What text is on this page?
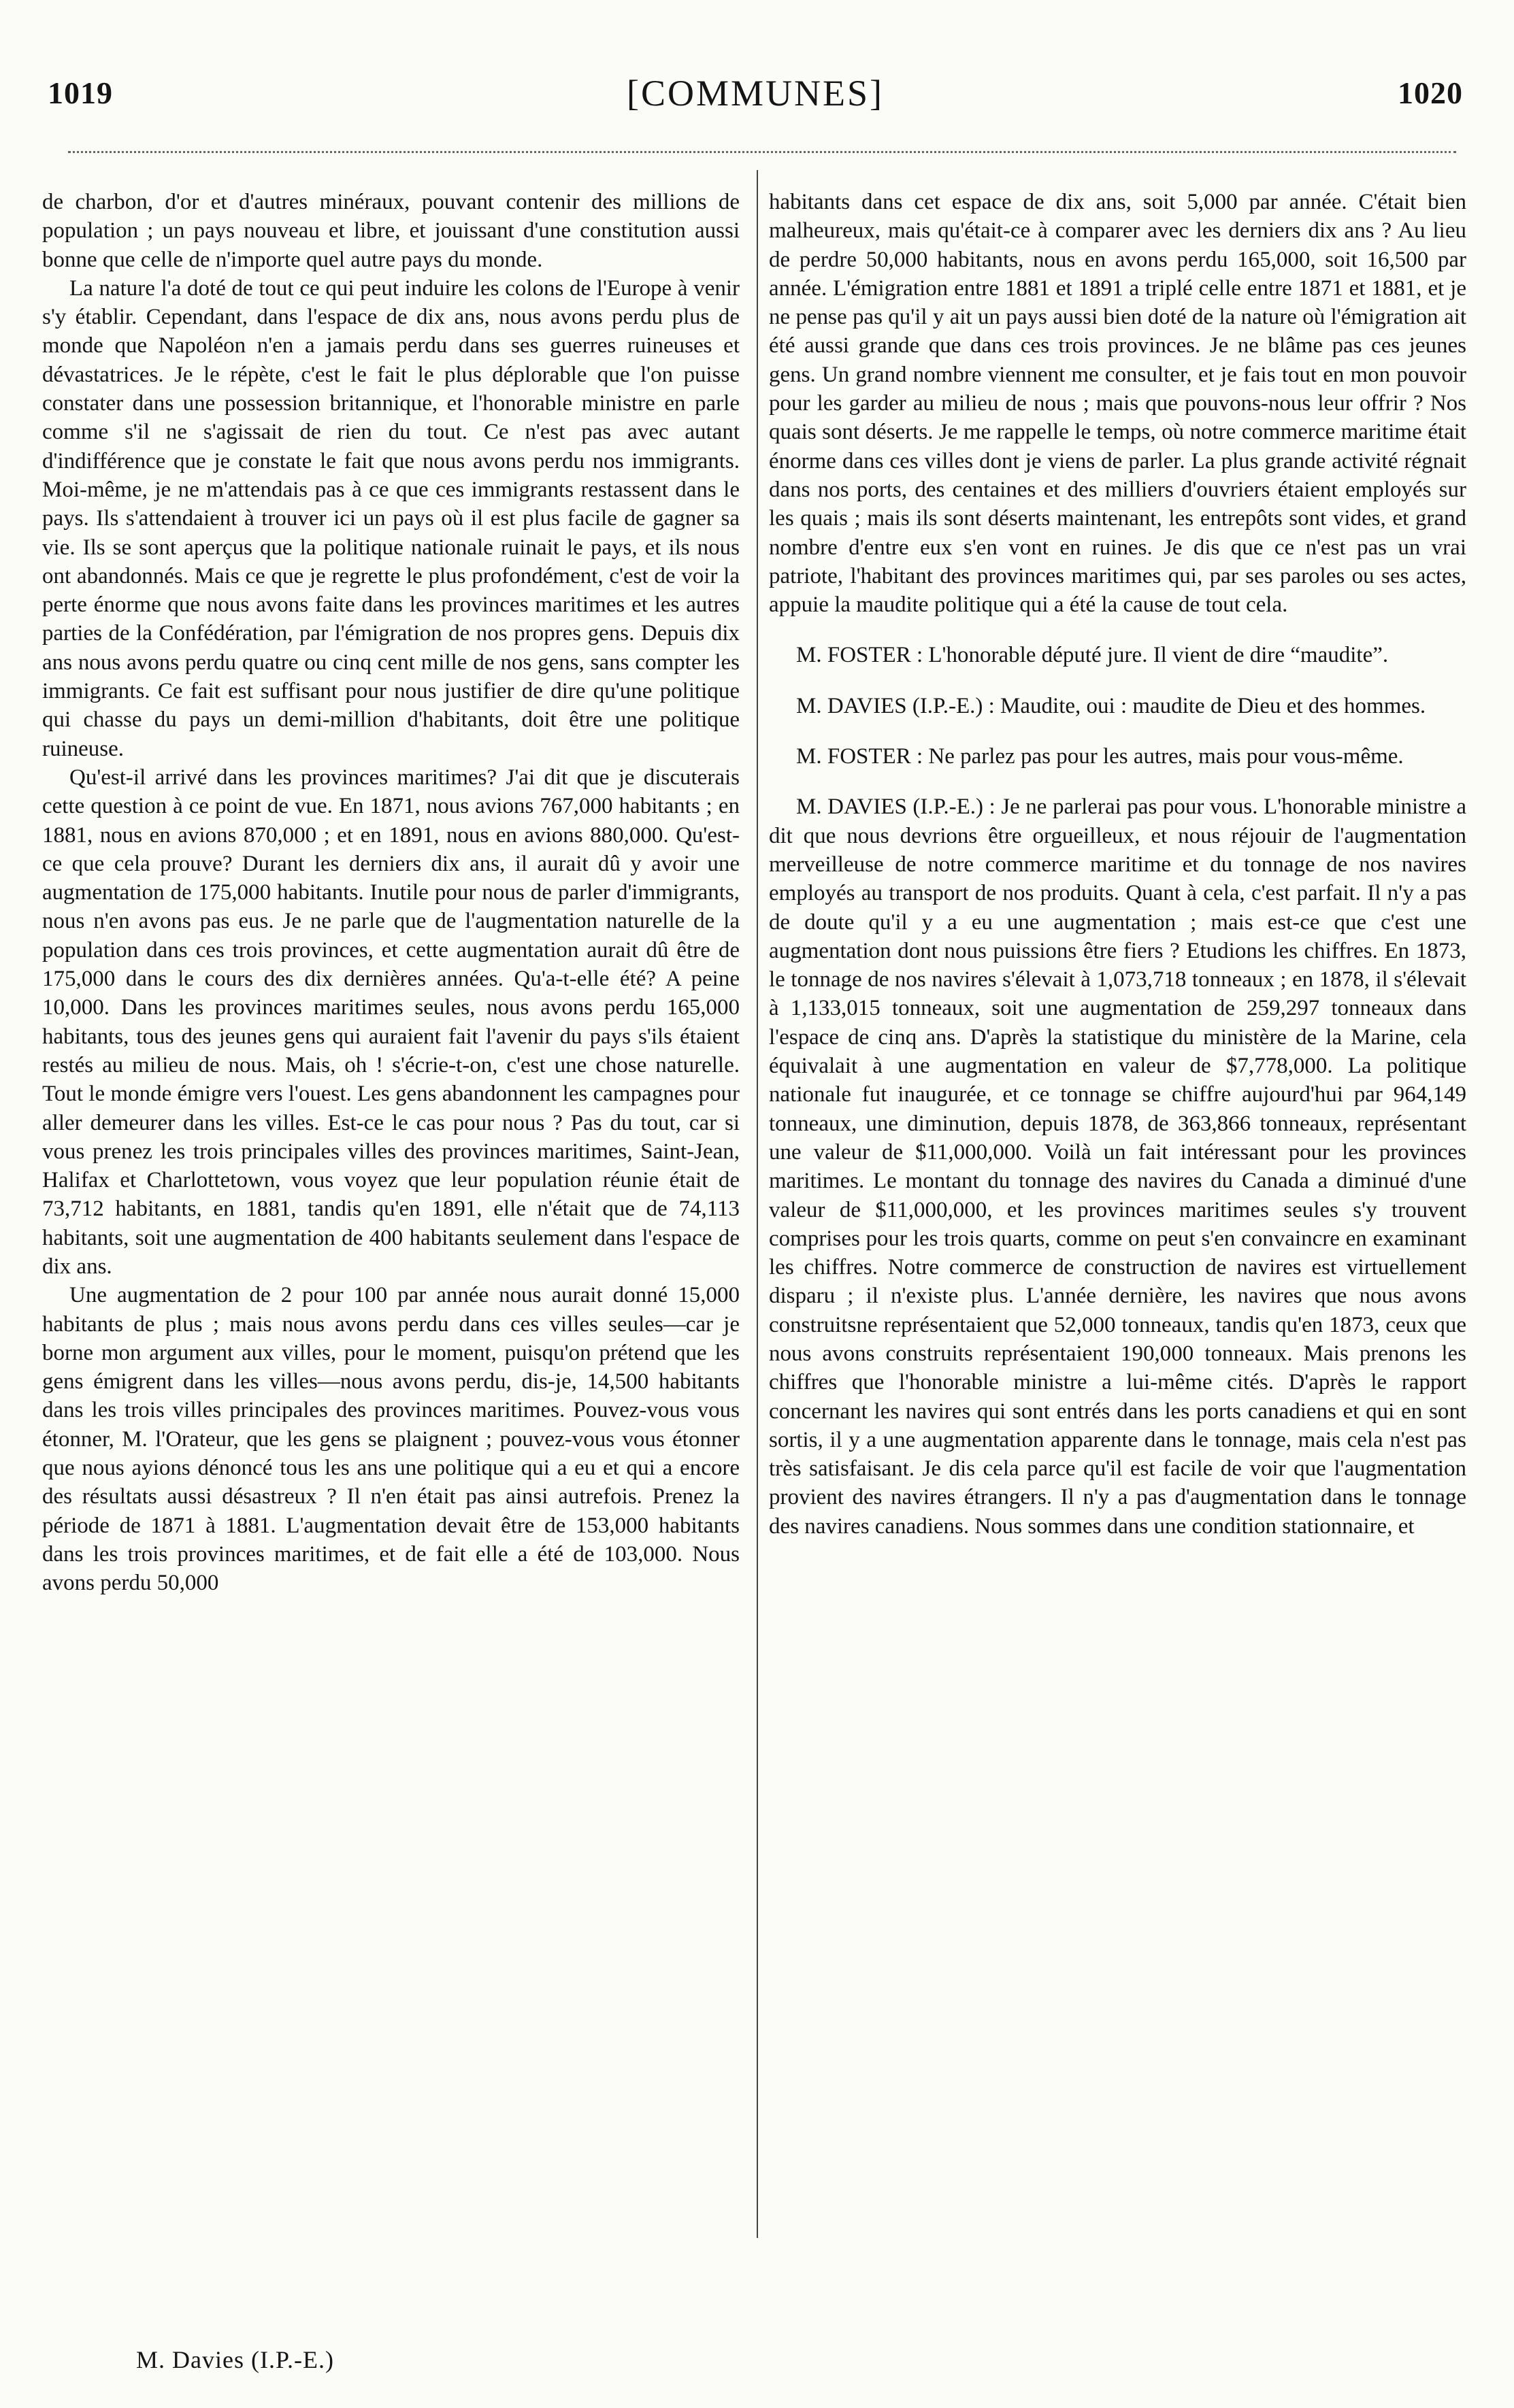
1019	[COMMUNES]	1020

de charbon, d'or et d'autres minéraux, pouvant contenir des millions de population ; un pays nouveau et libre, et jouissant d'une constitution aussi bonne que celle de n'importe quel autre pays du monde.

La nature l'a doté de tout ce qui peut induire les colons de l'Europe à venir s'y établir. Cependant, dans l'espace de dix ans, nous avons perdu plus de monde que Napoléon n'en a jamais perdu dans ses guerres ruineuses et dévastatrices. Je le répète, c'est le fait le plus déplorable que l'on puisse constater dans une possession britannique, et l'honorable ministre en parle comme s'il ne s'agissait de rien du tout. Ce n'est pas avec autant d'indifférence que je constate le fait que nous avons perdu nos immigrants. Moi-même, je ne m'attendais pas à ce que ces immigrants restassent dans le pays. Ils s'attendaient à trouver ici un pays où il est plus facile de gagner sa vie. Ils se sont aperçus que la politique nationale ruinait le pays, et ils nous ont abandonnés. Mais ce que je regrette le plus profondément, c'est de voir la perte énorme que nous avons faite dans les provinces maritimes et les autres parties de la Confédération, par l'émigration de nos propres gens. Depuis dix ans nous avons perdu quatre ou cinq cent mille de nos gens, sans compter les immigrants. Ce fait est suffisant pour nous justifier de dire qu'une politique qui chasse du pays un demi-million d'habitants, doit être une politique ruineuse.

Qu'est-il arrivé dans les provinces maritimes? J'ai dit que je discuterais cette question à ce point de vue. En 1871, nous avions 767,000 habitants ; en 1881, nous en avions 870,000 ; et en 1891, nous en avions 880,000. Qu'est-ce que cela prouve? Durant les derniers dix ans, il aurait dû y avoir une augmentation de 175,000 habitants. Inutile pour nous de parler d'immigrants, nous n'en avons pas eus. Je ne parle que de l'augmentation naturelle de la population dans ces trois provinces, et cette augmentation aurait dû être de 175,000 dans le cours des dix dernières années. Qu'a-t-elle été? A peine 10,000. Dans les provinces maritimes seules, nous avons perdu 165,000 habitants, tous des jeunes gens qui auraient fait l'avenir du pays s'ils étaient restés au milieu de nous. Mais, oh ! s'écrie-t-on, c'est une chose naturelle. Tout le monde émigre vers l'ouest. Les gens abandonnent les campagnes pour aller demeurer dans les villes. Est-ce le cas pour nous ? Pas du tout, car si vous prenez les trois principales villes des provinces maritimes, Saint-Jean, Halifax et Charlottetown, vous voyez que leur population réunie était de 73,712 habitants, en 1881, tandis qu'en 1891, elle n'était que de 74,113 habitants, soit une augmentation de 400 habitants seulement dans l'espace de dix ans.

Une augmentation de 2 pour 100 par année nous aurait donné 15,000 habitants de plus ; mais nous avons perdu dans ces villes seules—car je borne mon argument aux villes, pour le moment, puisqu'on prétend que les gens émigrent dans les villes—nous avons perdu, dis-je, 14,500 habitants dans les trois villes principales des provinces maritimes. Pouvez-vous vous étonner, M. l'Orateur, que les gens se plaignent ; pouvez-vous vous étonner que nous ayions dénoncé tous les ans une politique qui a eu et qui a encore des résultats aussi désastreux ? Il n'en était pas ainsi autrefois. Prenez la période de 1871 à 1881. L'augmentation devait être de 153,000 habitants dans les trois provinces maritimes, et de fait elle a été de 103,000. Nous avons perdu 50,000

habitants dans cet espace de dix ans, soit 5,000 par année. C'était bien malheureux, mais qu'était-ce à comparer avec les derniers dix ans ? Au lieu de perdre 50,000 habitants, nous en avons perdu 165,000, soit 16,500 par année. L'émigration entre 1881 et 1891 a triplé celle entre 1871 et 1881, et je ne pense pas qu'il y ait un pays aussi bien doté de la nature où l'émigration ait été aussi grande que dans ces trois provinces. Je ne blâme pas ces jeunes gens. Un grand nombre viennent me consulter, et je fais tout en mon pouvoir pour les garder au milieu de nous ; mais que pouvons-nous leur offrir ? Nos quais sont déserts. Je me rappelle le temps, où notre commerce maritime était énorme dans ces villes dont je viens de parler. La plus grande activité régnait dans nos ports, des centaines et des milliers d'ouvriers étaient employés sur les quais ; mais ils sont déserts maintenant, les entrepôts sont vides, et grand nombre d'entre eux s'en vont en ruines. Je dis que ce n'est pas un vrai patriote, l'habitant des provinces maritimes qui, par ses paroles ou ses actes, appuie la maudite politique qui a été la cause de tout cela.

M. FOSTER : L'honorable député jure. Il vient de dire “maudite”.

M. DAVIES (I.P.-E.) : Maudite, oui : maudite de Dieu et des hommes.

M. FOSTER : Ne parlez pas pour les autres, mais pour vous-même.

M. DAVIES (I.P.-E.) : Je ne parlerai pas pour vous. L'honorable ministre a dit que nous devrions être orgueilleux, et nous réjouir de l'augmentation merveilleuse de notre commerce maritime et du tonnage de nos navires employés au transport de nos produits. Quant à cela, c'est parfait. Il n'y a pas de doute qu'il y a eu une augmentation ; mais est-ce que c'est une augmentation dont nous puissions être fiers ? Etudions les chiffres. En 1873, le tonnage de nos navires s'élevait à 1,073,718 tonneaux ; en 1878, il s'élevait à 1,133,015 tonneaux, soit une augmentation de 259,297 tonneaux dans l'espace de cinq ans. D'après la statistique du ministère de la Marine, cela équivalait à une augmentation en valeur de $7,778,000. La politique nationale fut inaugurée, et ce tonnage se chiffre aujourd'hui par 964,149 tonneaux, une diminution, depuis 1878, de 363,866 tonneaux, représentant une valeur de $11,000,000. Voilà un fait intéressant pour les provinces maritimes. Le montant du tonnage des navires du Canada a diminué d'une valeur de $11,000,000, et les provinces maritimes seules s'y trouvent comprises pour les trois quarts, comme on peut s'en convaincre en examinant les chiffres. Notre commerce de construction de navires est virtuellement disparu ; il n'existe plus. L'année dernière, les navires que nous avons construitsne représentaient que 52,000 tonneaux, tandis qu'en 1873, ceux que nous avons construits représentaient 190,000 tonneaux. Mais prenons les chiffres que l'honorable ministre a lui-même cités. D'après le rapport concernant les navires qui sont entrés dans les ports canadiens et qui en sont sortis, il y a une augmentation apparente dans le tonnage, mais cela n'est pas très satisfaisant. Je dis cela parce qu'il est facile de voir que l'augmentation provient des navires étrangers. Il n'y a pas d'augmentation dans le tonnage des navires canadiens. Nous sommes dans une condition stationnaire, et

M. Davies (I.P.-E.)
